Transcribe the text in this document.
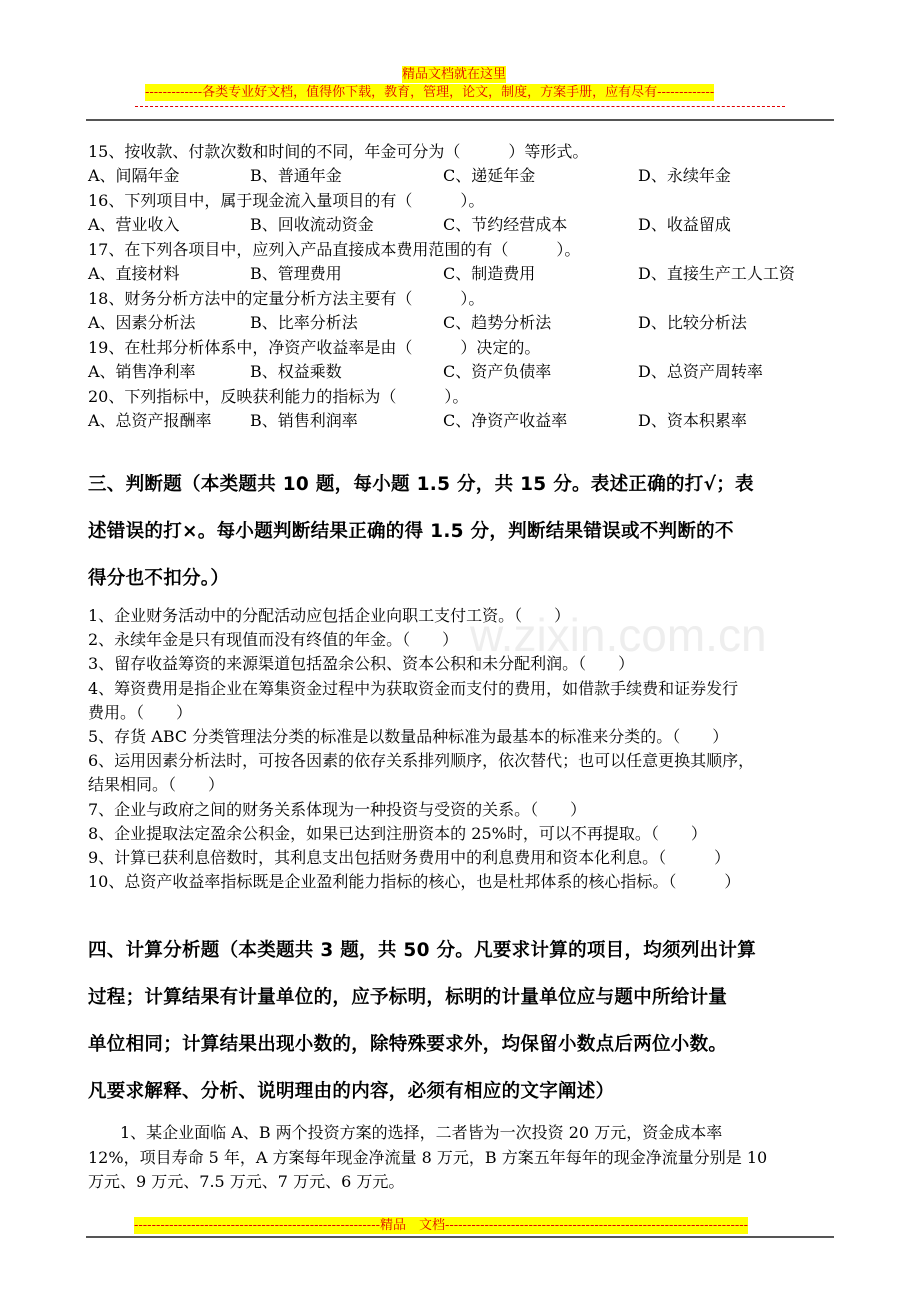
精品文档就在这里
-------------各类专业好文档，值得你下载，教育，管理，论文，制度，方案手册，应有尽有-------------
w.zixin.com.cn
15、按收款、付款次数和时间的不同，年金可分为（　　　）等形式。
A、间隔年金	B、普通年金	C、递延年金	D、永续年金
16、下列项目中，属于现金流入量项目的有（　　　）。
A、营业收入	B、回收流动资金	C、节约经营成本	D、收益留成
17、在下列各项目中，应列入产品直接成本费用范围的有（　　　）。
A、直接材料	B、管理费用	C、制造费用	D、直接生产工人工资
18、财务分析方法中的定量分析方法主要有（　　　）。
A、因素分析法	B、比率分析法	C、趋势分析法	D、比较分析法
19、在杜邦分析体系中，净资产收益率是由（　　　）决定的。
A、销售净利率	B、权益乘数	C、资产负债率	D、总资产周转率
20、下列指标中，反映获利能力的指标为（　　　）。
A、总资产报酬率 B、销售利润率	C、净资产收益率	D、资本积累率
三、判断题（本类题共 10 题，每小题 1.5 分，共 15 分。表述正确的打√；表
述错误的打×。每小题判断结果正确的得 1.5 分，判断结果错误或不判断的不
得分也不扣分。）
1、企业财务活动中的分配活动应包括企业向职工支付工资。（　　）
2、永续年金是只有现值而没有终值的年金。（　　）
3、留存收益筹资的来源渠道包括盈余公积、资本公积和未分配利润。（　　）
4、筹资费用是指企业在筹集资金过程中为获取资金而支付的费用，如借款手续费和证券发行
费用。（　　）
5、存货 ABC 分类管理法分类的标准是以数量品种标准为最基本的标准来分类的。（　　）
6、运用因素分析法时，可按各因素的依存关系排列顺序，依次替代；也可以任意更换其顺序，
结果相同。（　　）
7、企业与政府之间的财务关系体现为一种投资与受资的关系。（　　）
8、企业提取法定盈余公积金，如果已达到注册资本的 25%时，可以不再提取。（　　）
9、计算已获利息倍数时，其利息支出包括财务费用中的利息费用和资本化利息。（　　　）
10、总资产收益率指标既是企业盈利能力指标的核心，也是杜邦体系的核心指标。（　　　）
四、计算分析题（本类题共 3 题，共 50 分。凡要求计算的项目，均须列出计算
过程；计算结果有计量单位的，应予标明，标明的计量单位应与题中所给计量
单位相同；计算结果出现小数的，除特殊要求外，均保留小数点后两位小数。
凡要求解释、分析、说明理由的内容，必须有相应的文字阐述）
　　1、某企业面临 A、B 两个投资方案的选择，二者皆为一次投资 20 万元，资金成本率
12%，项目寿命 5 年，A 方案每年现金净流量 8 万元，B 方案五年每年的现金净流量分别是 10
万元、9 万元、7.5 万元、7 万元、6 万元。
--------------------------------------------------------精品　文档---------------------------------------------------------------------
